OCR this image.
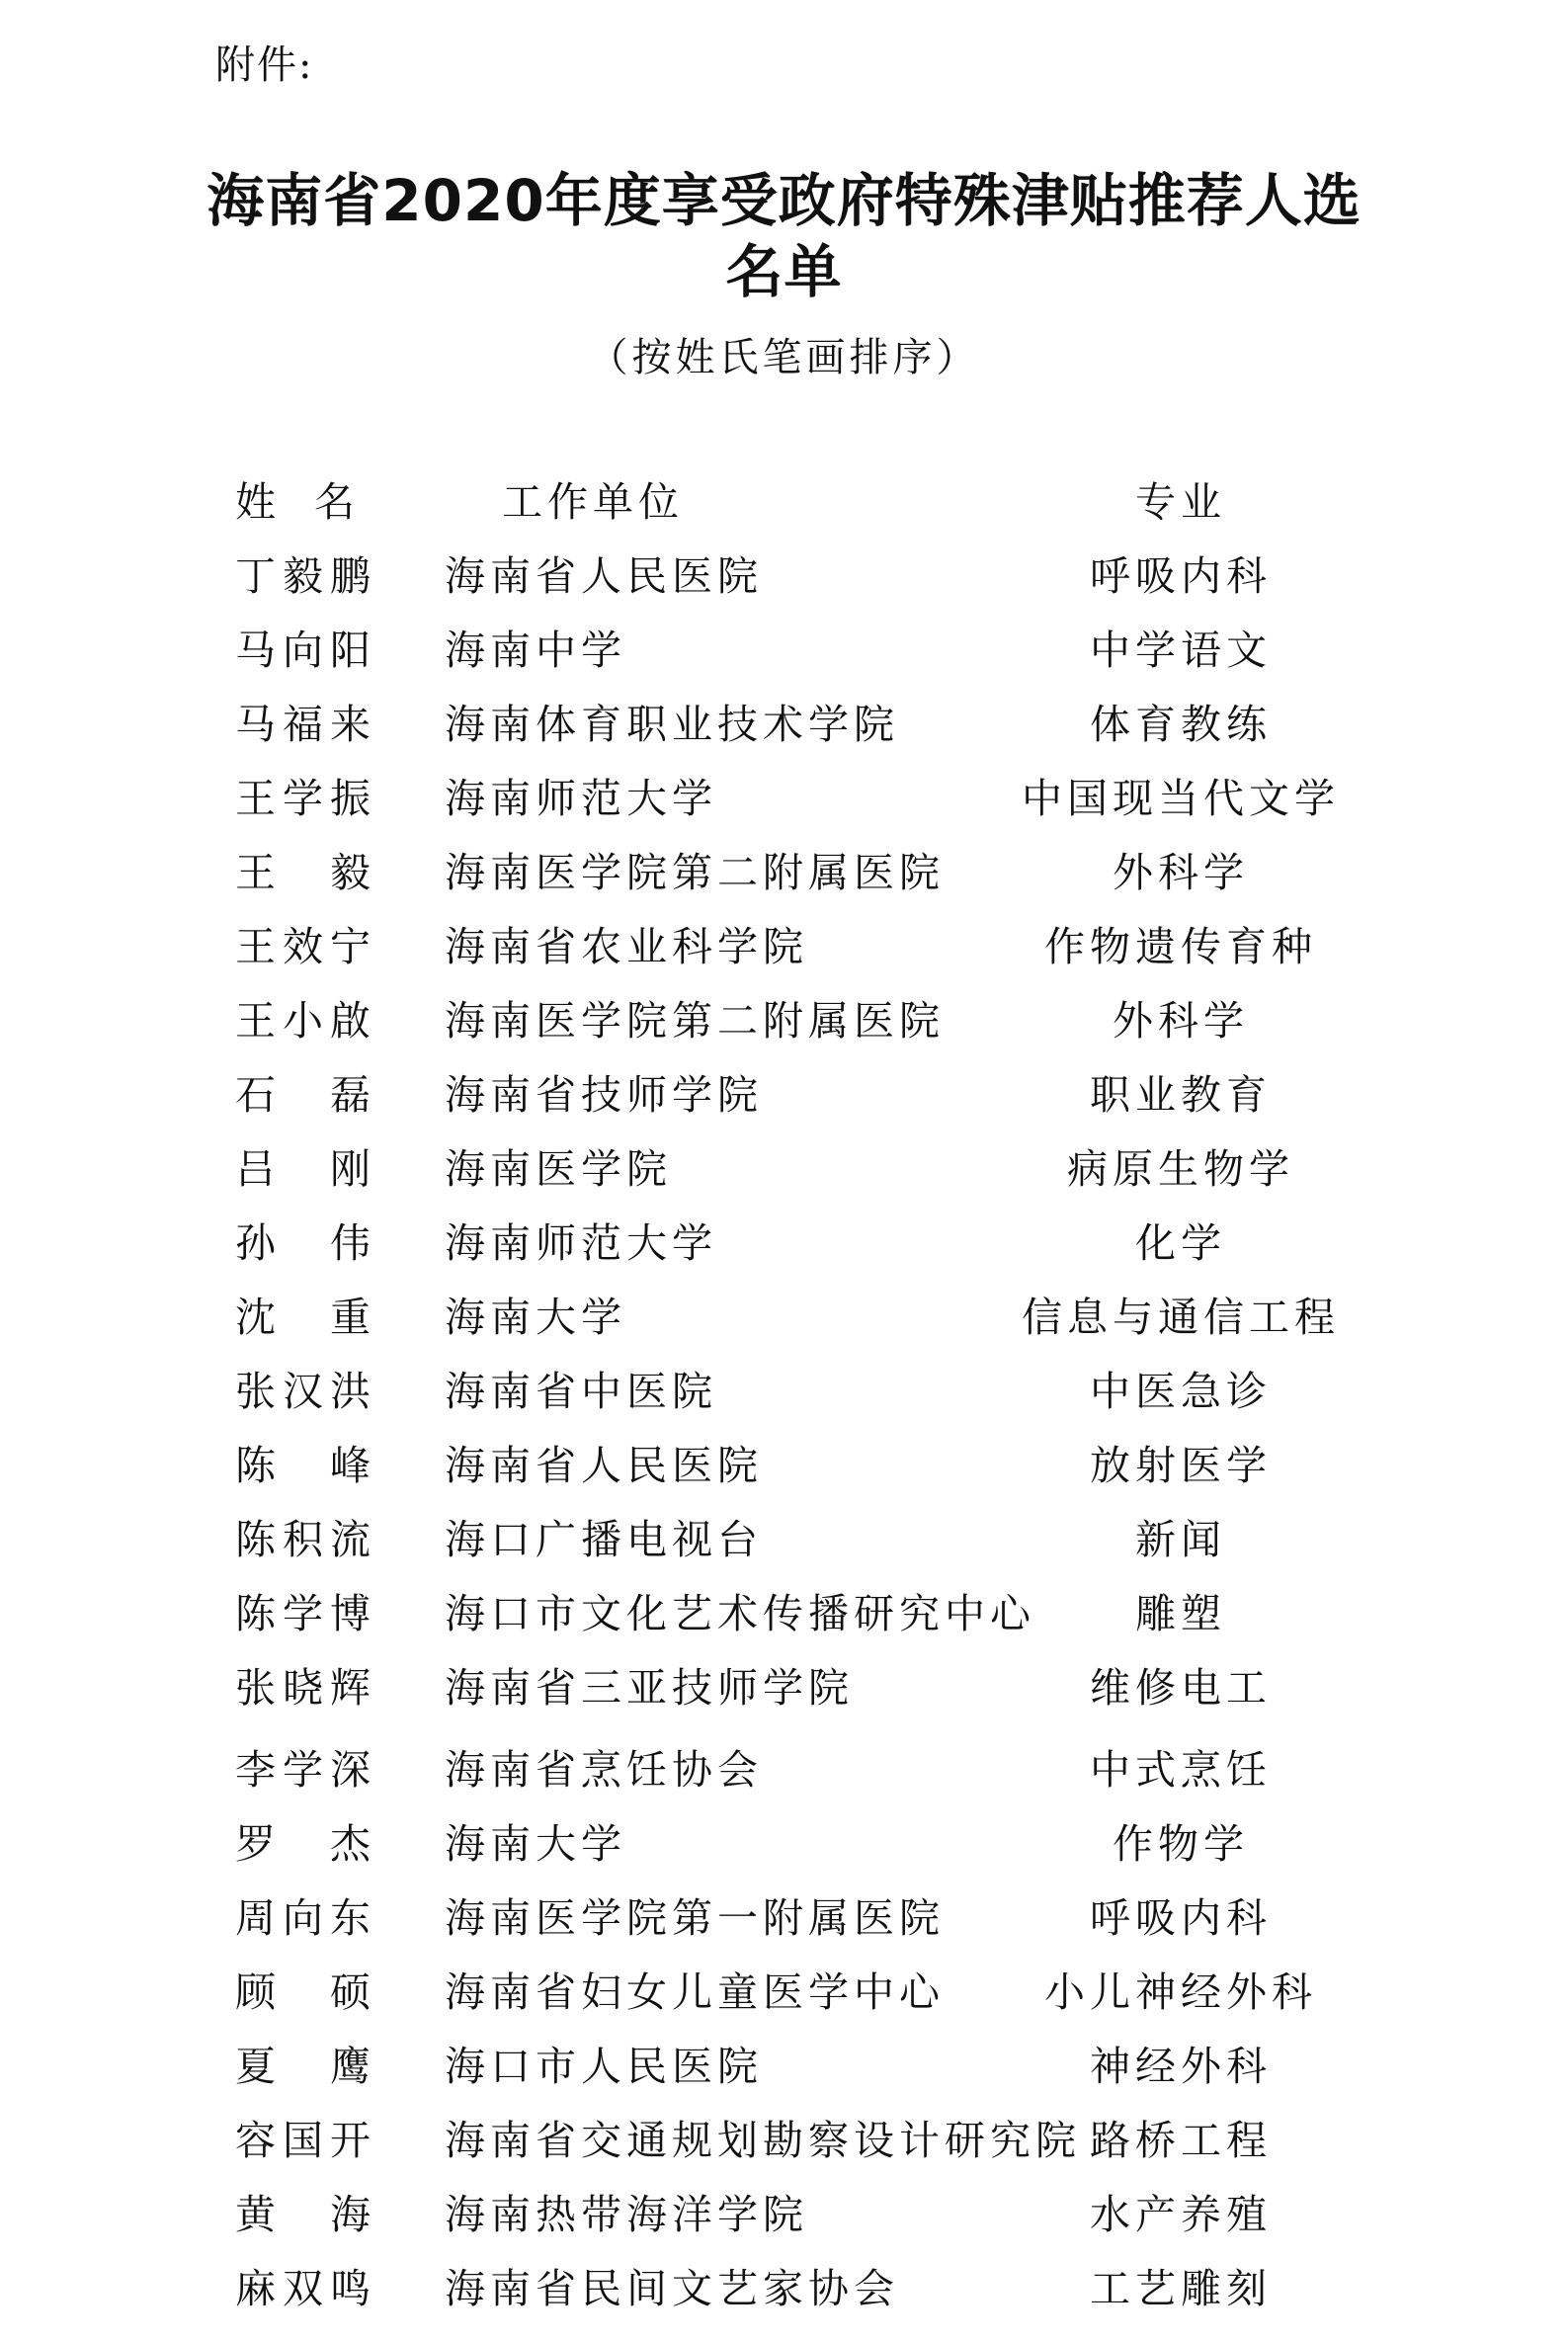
附件:
海南省2020年度享受政府特殊津贴推荐人选
名单
（按姓氏笔画排序）
姓名	工作单位	专业
丁毅鹏 海南省人民医院	呼吸内科
马向阳 海南中学	中学语文
马福来 海南体育职业技术学院	体育教练
王学振 海南师范大学	中国现当代文学
王毅 海南医学院第二附属医院	外科学
王效宁 海南省农业科学院	作物遗传育种
王小啟 海南医学院第二附属医院	外科学
石磊 海南省技师学院	职业教育
吕刚 海南医学院	病原生物学
孙伟 海南师范大学	化学
沈重 海南大学	信息与通信工程
张汉洪 海南省中医院	中医急诊
陈峰 海南省人民医院	放射医学
陈积流 海口广播电视台	新闻
陈学博 海口市文化艺术传播研究中心	雕塑
张晓辉 海南省三亚技师学院	维修电工
李学深 海南省烹饪协会	中式烹饪
罗杰 海南大学	作物学
周向东 海南医学院第一附属医院	呼吸内科
顾硕 海南省妇女儿童医学中心	小儿神经外科
夏鹰 海口市人民医院	神经外科
容国开 海南省交通规划勘察设计研究院 路桥工程
黄海 海南热带海洋学院	水产养殖
麻双鸣 海南省民间文艺家协会	工艺雕刻
